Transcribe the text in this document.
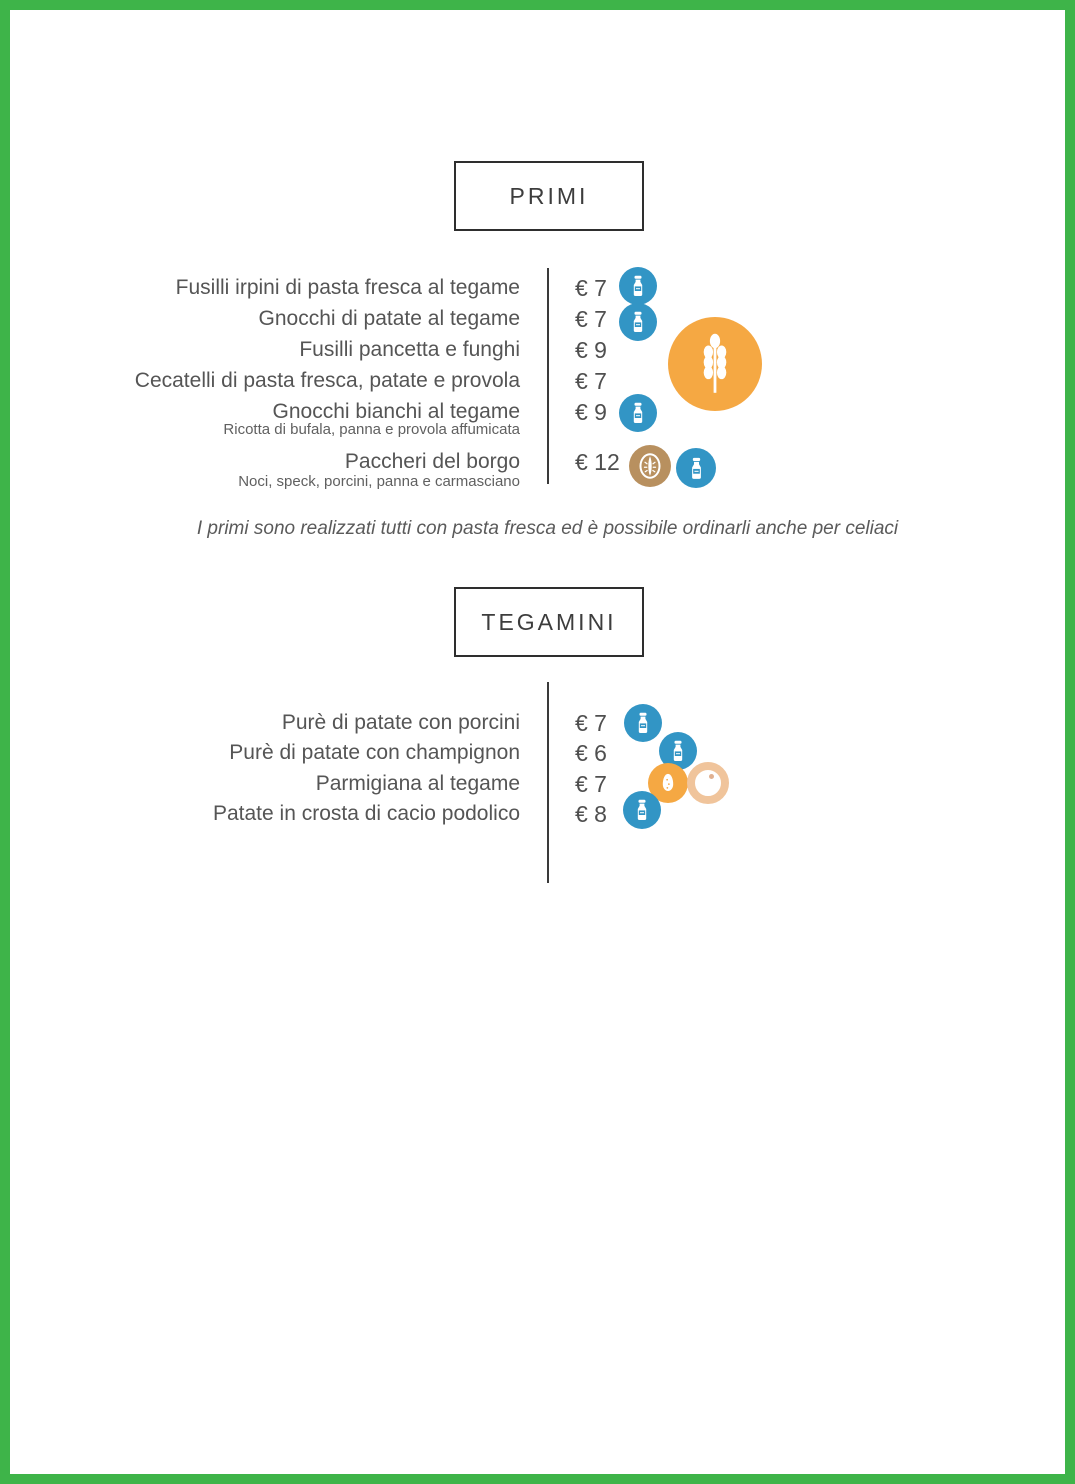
PRIMI
Fusilli irpini di pasta fresca al tegame
Gnocchi di patate al tegame
Fusilli pancetta e funghi
Cecatelli di pasta fresca, patate e provola
Gnocchi bianchi al tegame
Ricotta di bufala, panna e provola affumicata
Paccheri del borgo
Noci, speck, porcini, panna e carmasciano
€ 7
€ 7
€ 9
€ 7
€ 9
€ 12
I primi sono realizzati tutti con pasta fresca ed è possibile ordinarli anche per celiaci
TEGAMINI
Purè di patate con porcini
Purè di patate con champignon
Parmigiana al tegame
Patate in crosta di cacio podolico
€ 7
€ 6
€ 7
€ 8
